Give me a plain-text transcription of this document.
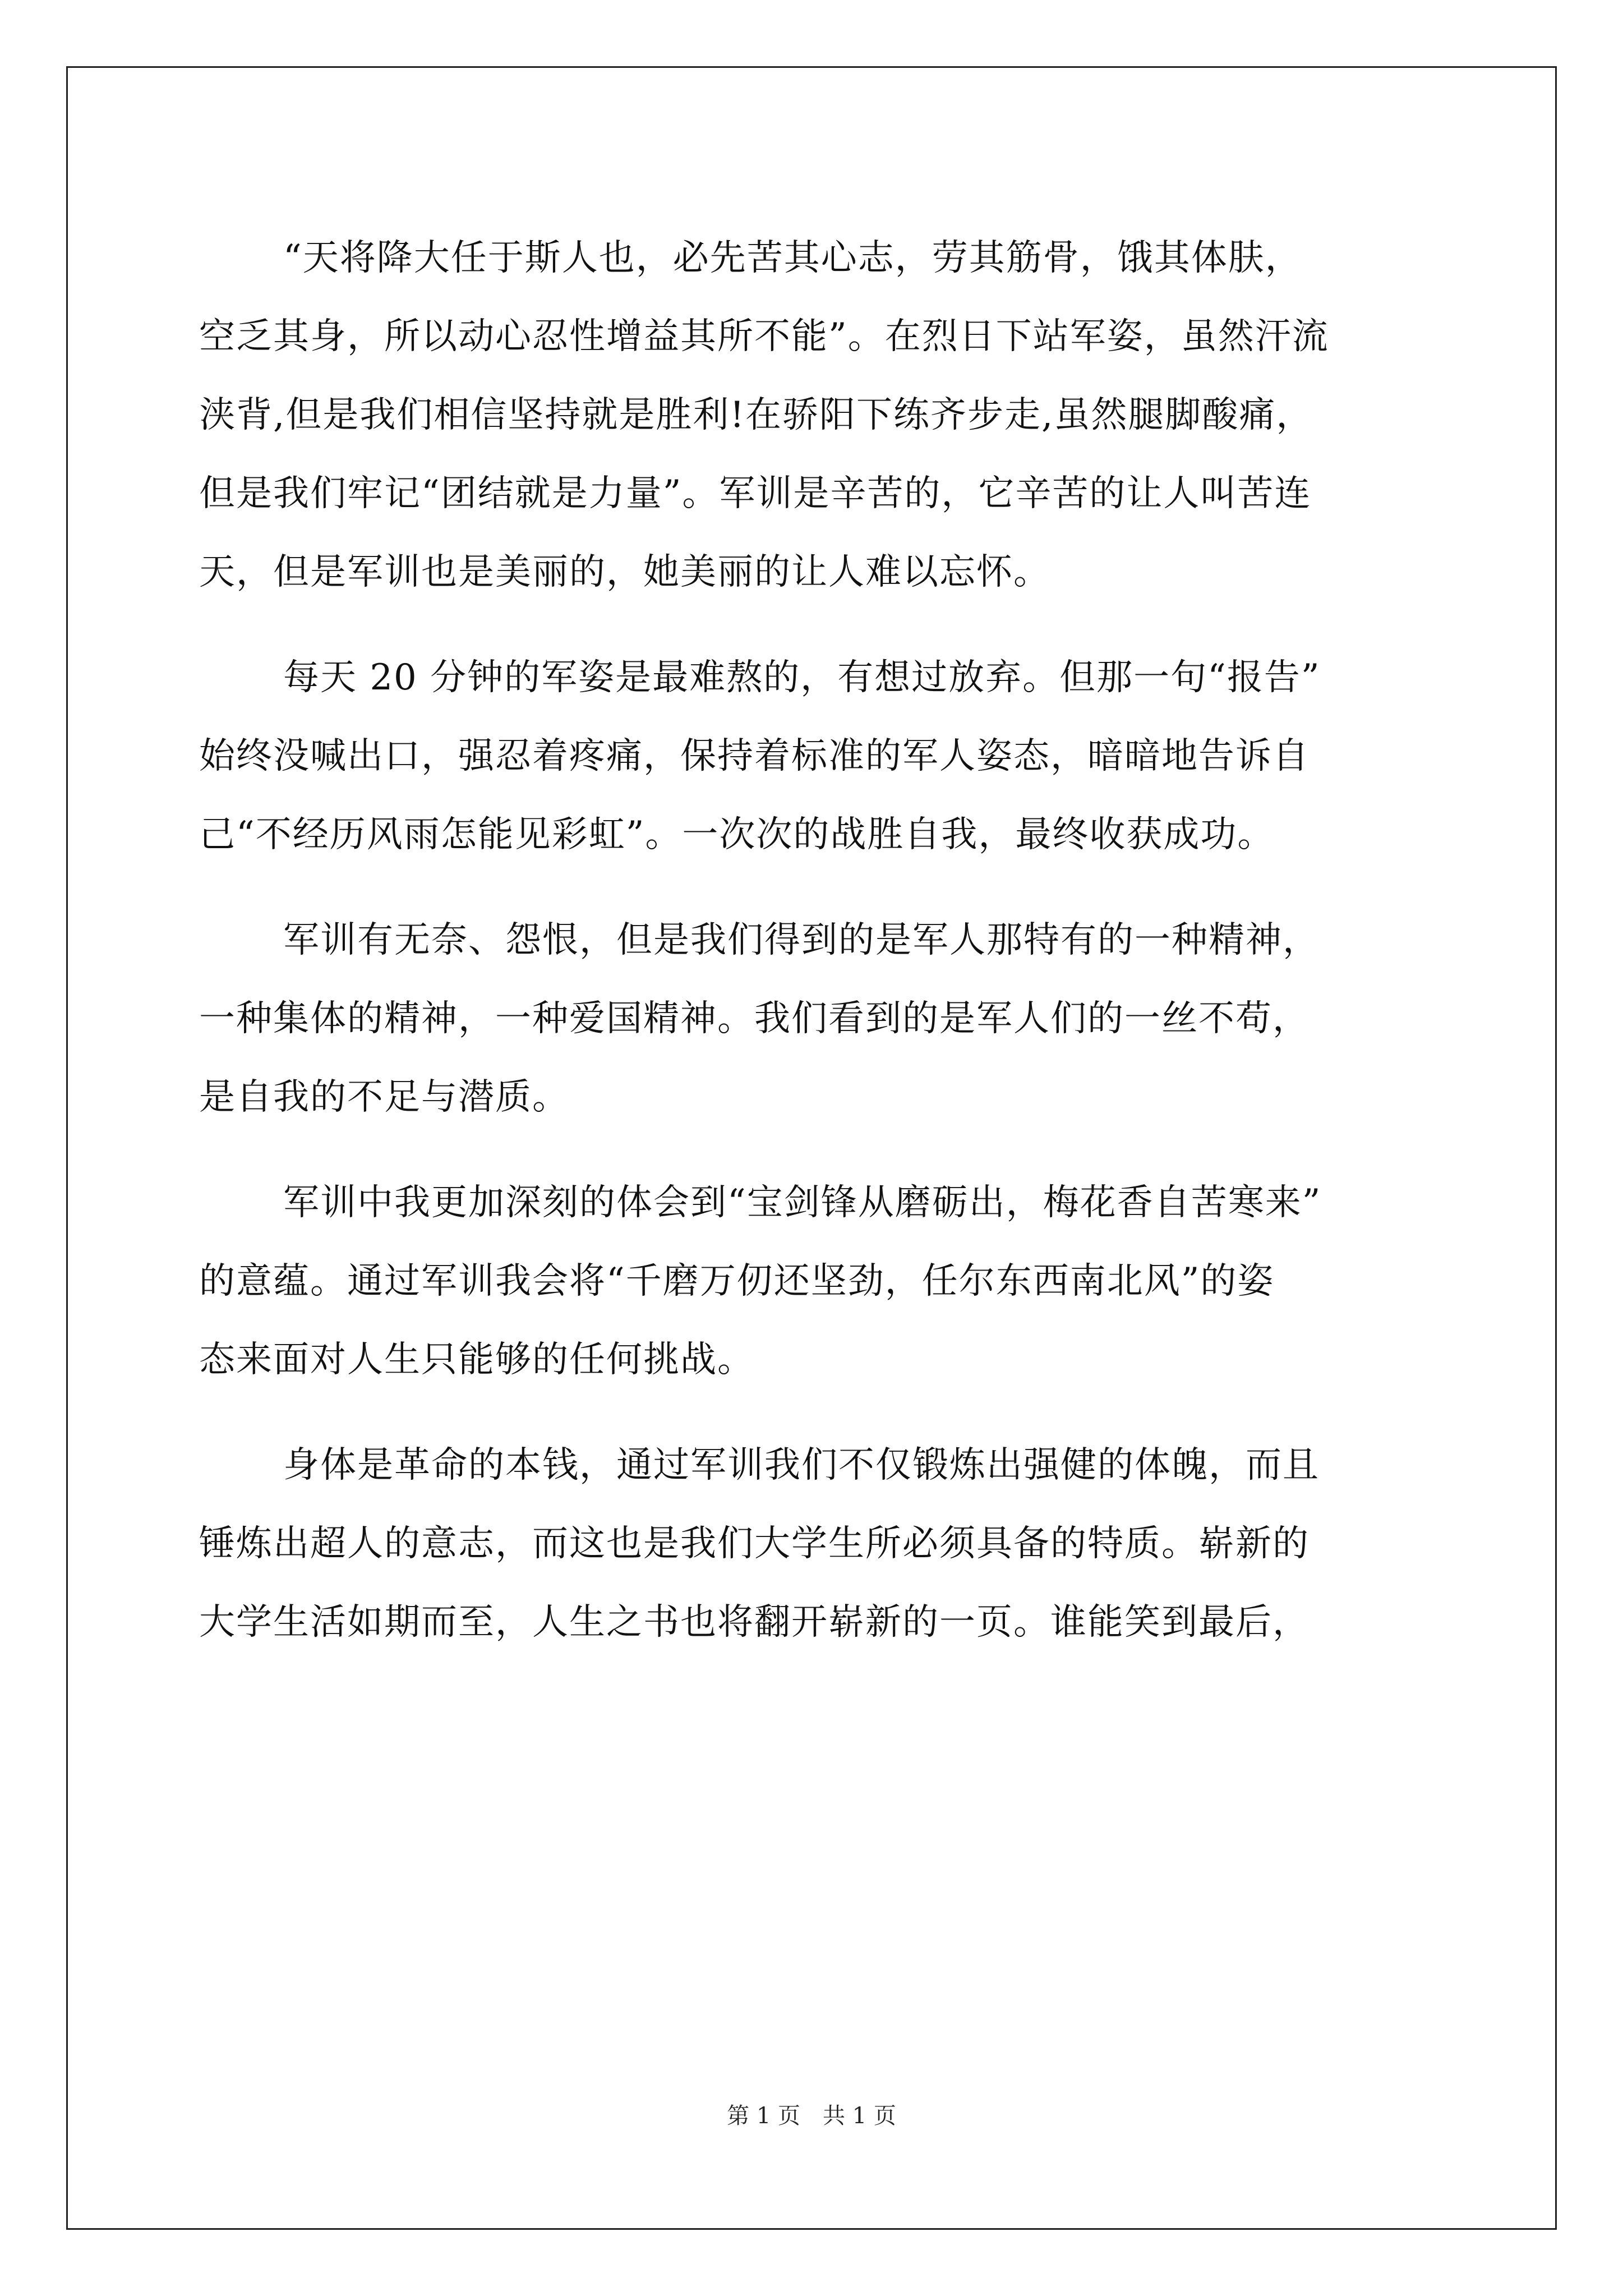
“天将降大任于斯人也，必先苦其心志，劳其筋骨，饿其体肤，
空乏其身，所以动心忍性增益其所不能”。在烈日下站军姿，虽然汗流
浃背,但是我们相信坚持就是胜利!在骄阳下练齐步走,虽然腿脚酸痛，
但是我们牢记“团结就是力量”。军训是辛苦的，它辛苦的让人叫苦连
天，但是军训也是美丽的，她美丽的让人难以忘怀。
每天 20 分钟的军姿是最难熬的，有想过放弃。但那一句“报告”
始终没喊出口，强忍着疼痛，保持着标准的军人姿态，暗暗地告诉自
己“不经历风雨怎能见彩虹”。一次次的战胜自我，最终收获成功。
军训有无奈、怨恨，但是我们得到的是军人那特有的一种精神，
一种集体的精神，一种爱国精神。我们看到的是军人们的一丝不苟，
是自我的不足与潜质。
军训中我更加深刻的体会到“宝剑锋从磨砺出，梅花香自苦寒来”
的意蕴。通过军训我会将“千磨万仞还坚劲，任尔东西南北风”的姿
态来面对人生只能够的任何挑战。
身体是革命的本钱，通过军训我们不仅锻炼出强健的体魄，而且
锤炼出超人的意志，而这也是我们大学生所必须具备的特质。崭新的
大学生活如期而至，人生之书也将翻开崭新的一页。谁能笑到最后，
第 1 页　共 1 页
